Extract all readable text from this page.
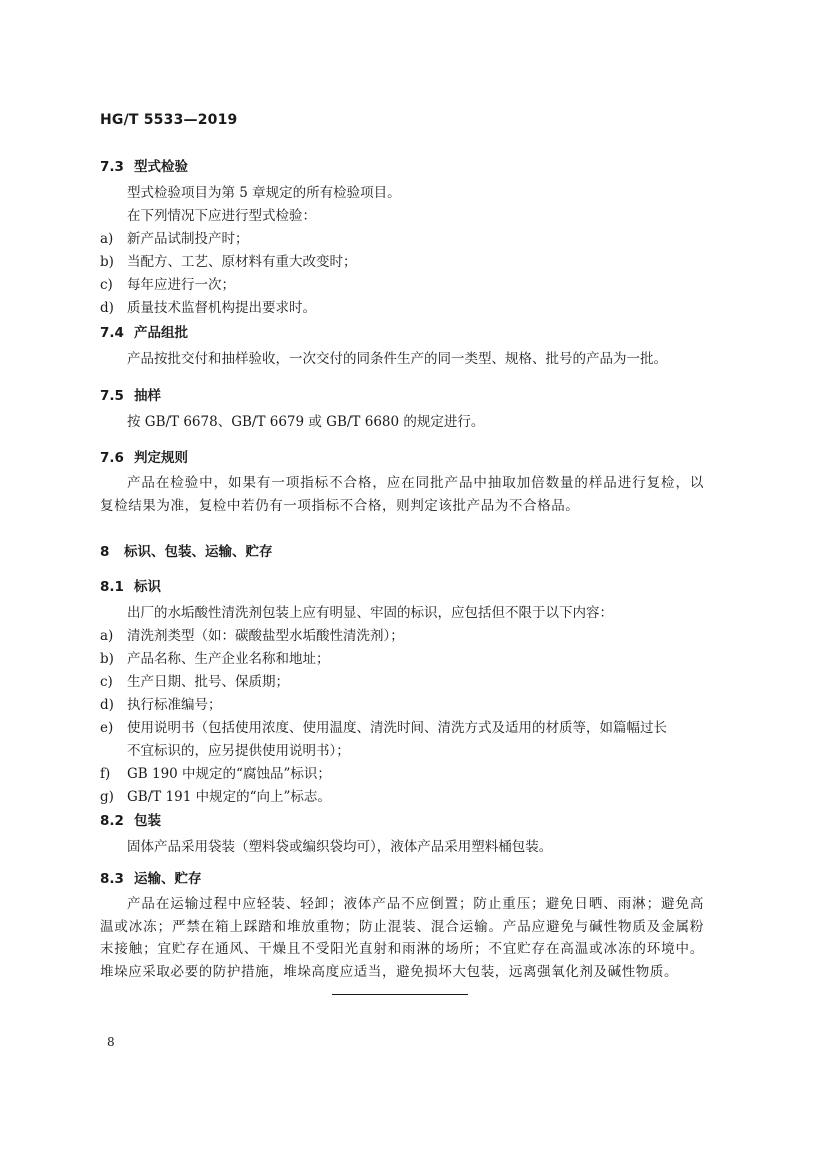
HG/T 5533—2019
7.3 型式检验
型式检验项目为第 5 章规定的所有检验项目。
在下列情况下应进行型式检验：
a) 新产品试制投产时；
b) 当配方、工艺、原材料有重大改变时；
c) 每年应进行一次；
d) 质量技术监督机构提出要求时。
7.4 产品组批
产品按批交付和抽样验收，一次交付的同条件生产的同一类型、规格、批号的产品为一批。
7.5 抽样
按 GB/T 6678、GB/T 6679 或 GB/T 6680 的规定进行。
7.6 判定规则
产品在检验中，如果有一项指标不合格，应在同批产品中抽取加倍数量的样品进行复检，以复检结果为准，复检中若仍有一项指标不合格，则判定该批产品为不合格品。
8 标识、包装、运输、贮存
8.1 标识
出厂的水垢酸性清洗剂包装上应有明显、牢固的标识，应包括但不限于以下内容：
a) 清洗剂类型（如：碳酸盐型水垢酸性清洗剂）；
b) 产品名称、生产企业名称和地址；
c) 生产日期、批号、保质期；
d) 执行标准编号；
e) 使用说明书（包括使用浓度、使用温度、清洗时间、清洗方式及适用的材质等，如篇幅过长
不宜标识的，应另提供使用说明书）；
f) GB 190 中规定的“腐蚀品”标识；
g) GB/T 191 中规定的“向上”标志。
8.2 包装
固体产品采用袋装（塑料袋或编织袋均可），液体产品采用塑料桶包装。
8.3 运输、贮存
产品在运输过程中应轻装、轻卸；液体产品不应倒置；防止重压；避免日晒、雨淋；避免高温或冰冻；严禁在箱上踩踏和堆放重物；防止混装、混合运输。产品应避免与碱性物质及金属粉末接触；宜贮存在通风、干燥且不受阳光直射和雨淋的场所；不宜贮存在高温或冰冻的环境中。堆垛应采取必要的防护措施，堆垛高度应适当，避免损坏大包装，远离强氧化剂及碱性物质。
8
